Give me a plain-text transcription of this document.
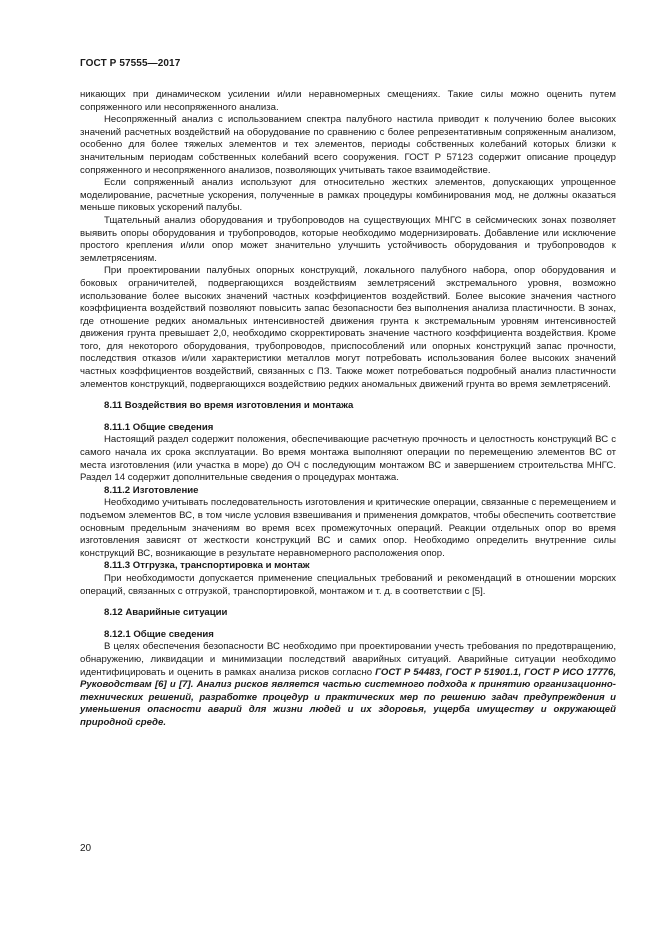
ГОСТ Р 57555—2017

никающих при динамическом усилении и/или неравномерных смещениях. Такие силы можно оценить путем сопряженного или несопряженного анализа.

Несопряженный анализ с использованием спектра палубного настила приводит к получению более высоких значений расчетных воздействий на оборудование по сравнению с более репрезентативным сопряженным анализом, особенно для более тяжелых элементов и тех элементов, периоды собственных колебаний которых близки к значительным периодам собственных колебаний всего сооружения. ГОСТ Р 57123 содержит описание процедур сопряженного и несопряженного анализов, позволяющих учитывать такое взаимодействие.

Если сопряженный анализ используют для относительно жестких элементов, допускающих упрощенное моделирование, расчетные ускорения, полученные в рамках процедуры комбинирования мод, не должны оказаться меньше пиковых ускорений палубы.

Тщательный анализ оборудования и трубопроводов на существующих МНГС в сейсмических зонах позволяет выявить опоры оборудования и трубопроводов, которые необходимо модернизировать. Добавление или исключение простого крепления и/или опор может значительно улучшить устойчивость оборудования и трубопроводов к землетрясениям.

При проектировании палубных опорных конструкций, локального палубного набора, опор оборудования и боковых ограничителей, подвергающихся воздействиям землетрясений экстремального уровня, возможно использование более высоких значений частных коэффициентов воздействий. Более высокие значения частного коэффициента воздействий позволяют повысить запас безопасности без выполнения анализа пластичности. В зонах, где отношение редких аномальных интенсивностей движения грунта к экстремальным уровням интенсивностей движения грунта превышает 2,0, необходимо скорректировать значение частного коэффициента воздействия. Кроме того, для некоторого оборудования, трубопроводов, приспособлений или опорных конструкций запас прочности, последствия отказов и/или характеристики металлов могут потребовать использования более высоких значений частных коэффициентов воздействий, связанных с ПЗ. Также может потребоваться подробный анализ пластичности элементов конструкций, подвергающихся воздействию редких аномальных движений грунта во время землетрясений.

8.11 Воздействия во время изготовления и монтажа
8.11.1 Общие сведения

Настоящий раздел содержит положения, обеспечивающие расчетную прочность и целостность конструкций ВС с самого начала их срока эксплуатации. Во время монтажа выполняют операции по перемещению элементов ВС от места изготовления (или участка в море) до ОЧ с последующим монтажом ВС и завершением строительства МНГС. Раздел 14 содержит дополнительные сведения о процедурах монтажа.

8.11.2 Изготовление

Необходимо учитывать последовательность изготовления и критические операции, связанные с перемещением и подъемом элементов ВС, в том числе условия взвешивания и применения домкратов, чтобы обеспечить соответствие основным предельным значениям во время всех промежуточных операций. Реакции отдельных опор во время изготовления зависят от жесткости конструкций ВС и самих опор. Необходимо определить внутренние силы конструкций ВС, возникающие в результате неравномерного расположения опор.

8.11.3 Отгрузка, транспортировка и монтаж

При необходимости допускается применение специальных требований и рекомендаций в отношении морских операций, связанных с отгрузкой, транспортировкой, монтажом и т. д. в соответствии с [5].

8.12 Аварийные ситуации
8.12.1 Общие сведения

В целях обеспечения безопасности ВС необходимо при проектировании учесть требования по предотвращению, обнаружению, ликвидации и минимизации последствий аварийных ситуаций. Аварийные ситуации необходимо идентифицировать и оценить в рамках анализа рисков согласно ГОСТ Р 54483, ГОСТ Р 51901.1, ГОСТ Р ИСО 17776, Руководствам [6] и [7]. Анализ рисков является частью системного подхода к принятию организационно-технических решений, разработке процедур и практических мер по решению задач предупреждения и уменьшения опасности аварий для жизни людей и их здоровья, ущерба имуществу и окружающей природной среде.

20
